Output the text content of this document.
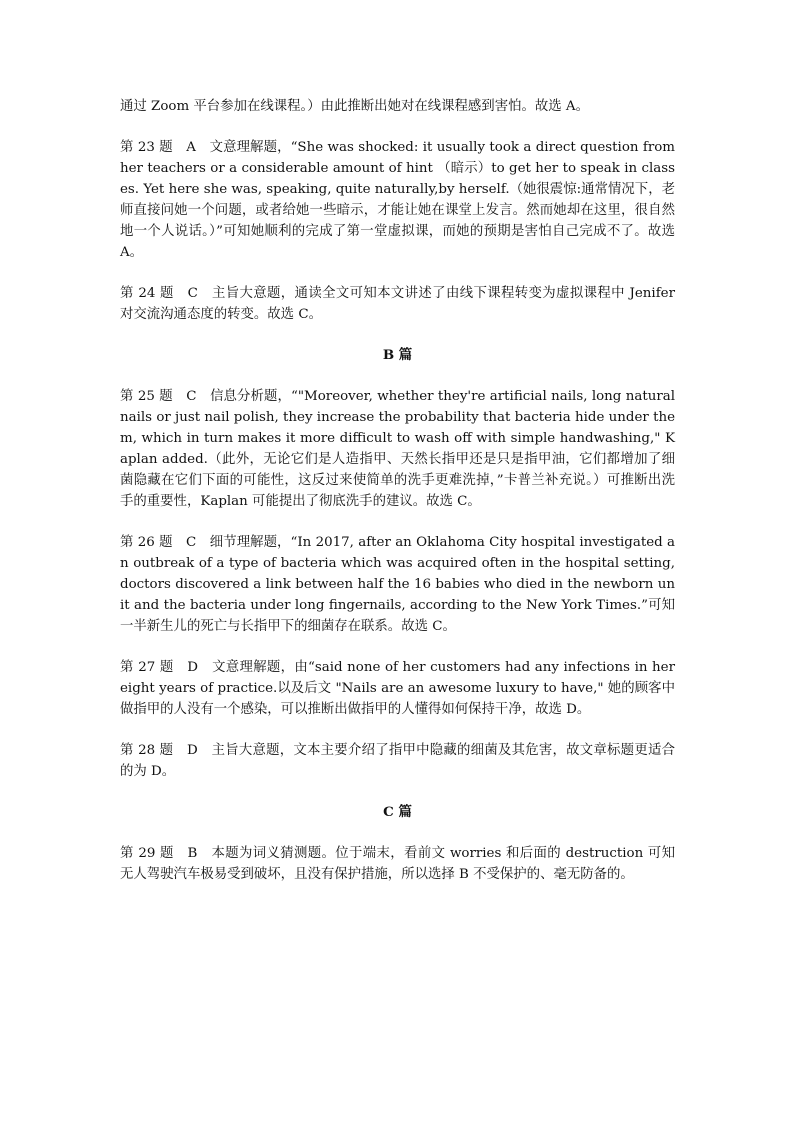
通过 Zoom 平台参加在线课程。）由此推断出她对在线课程感到害怕。故选 A。

第 23 题　A　文意理解题，“She was shocked: it usually took a direct question from her teachers or a considerable amount of hint （暗示）to get her to speak in classes. Yet here she was, speaking, quite naturally,by herself.（她很震惊:通常情况下，老师直接问她一个问题，或者给她一些暗示，才能让她在课堂上发言。然而她却在这里，很自然地一个人说话。）”可知她顺利的完成了第一堂虚拟课，而她的预期是害怕自己完成不了。故选 A。

第 24 题　C　主旨大意题，通读全文可知本文讲述了由线下课程转变为虚拟课程中 Jenifer 对交流沟通态度的转变。故选 C。

B 篇

第 25 题　C　信息分析题，“"Moreover, whether they're artificial nails, long natural nails or just nail polish, they increase the probability that bacteria hide under them, which in turn makes it more difficult to wash off with simple handwashing," Kaplan added.（此外，无论它们是人造指甲、天然长指甲还是只是指甲油，它们都增加了细菌隐藏在它们下面的可能性，这反过来使简单的洗手更难洗掉，”卡普兰补充说。）可推断出洗手的重要性，Kaplan 可能提出了彻底洗手的建议。故选 C。

第 26 题　C　细节理解题，“In 2017, after an Oklahoma City hospital investigated an outbreak of a type of bacteria which was acquired often in the hospital setting, doctors discovered a link between half the 16 babies who died in the newborn unit and the bacteria under long fingernails, according to the New York Times.”可知一半新生儿的死亡与长指甲下的细菌存在联系。故选 C。

第 27 题　D　文意理解题，由“said none of her customers had any infections in her eight years of practice.以及后文 "Nails are an awesome luxury to have," 她的顾客中做指甲的人没有一个感染，可以推断出做指甲的人懂得如何保持干净，故选 D。

第 28 题　D　主旨大意题，文本主要介绍了指甲中隐藏的细菌及其危害，故文章标题更适合的为 D。

C 篇

第 29 题　B　本题为词义猜测题。位于端末，看前文 worries 和后面的 destruction 可知无人驾驶汽车极易受到破坏，且没有保护措施，所以选择 B 不受保护的、毫无防备的。
